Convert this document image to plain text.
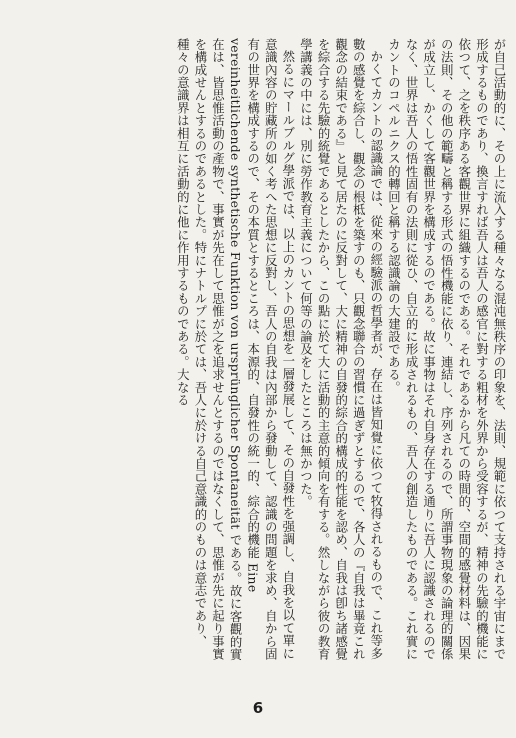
が自己活動的に、その上に流入する種々なる混沌無秩序の印象を、法則、規範に依つて支持される宇宙にまで形成するものであり、換言すれば吾人は吾人の感官に對する粗材を外界から受容するが、精神の先驗的機能に依つて、之を秩序ある客觀世界に組織するのである。それであるから凡ての時間的、空間的感覺材料は、因果の法則、その他の範疇と稱する形式の悟性機能に依り、連結し、序列されるので、所謂事物現象の論理的關係が成立し、かくして客觀世界を構成するのである。故に事物はそれ自身存在する通りに吾人に認識されるのでなく、世界は吾人の悟性固有の法則に從ひ、自立的に形成されるもの、吾人の創造したものである。これ實にカントのコペルニクス的轉回と稱する認識論の大建設である。

かくてカントの認識論では、從來の經驗派の哲學者が、存在は皆知覺に依つて牧得されるもので、これ等多數の感覺を綜合し、觀念の根柢を築すのも、只觀念聯合の習慣に過ぎずとするので、各人の『自我は畢竟これ觀念の結束である』と見て居たのに反對して、大に精神の自發的綜合的構成的性能を認め、自我は卽ち諸感覺を綜合する先驗的統覺であるとしたから、この點に於て大に活動的主意的傾向を有する。然しながら彼の教育學講義の中には、別に勞作教育主義について何等の論及をしたところは無かつた。

然るにマールブルグ學派では、以上のカントの思想を一層發展して、その自發性を强調し、自我を以て單に意識內容の貯藏所の如く考へた思想に反對し、吾人の自我は內部から發動して、認識の問題を求め、自から固有の世界を構成するので、その本質とするところは、本源的、自發性の統一的、綜合的機能 Eine vereinheitlichende synthetische Funktion von ursprünglicher Spontaneität である。故に客觀的實在は、皆思惟活動の產物で、事實が先在して思惟が之を追求せんとするのではなくして、思惟が先に起り事實を構成せんとするのであるとした。特にナトルプに於ては、吾人に於ける自己意識的のものは意志であり、種々の意識界は相互に活動的に他に作用するものである。大なる

6
